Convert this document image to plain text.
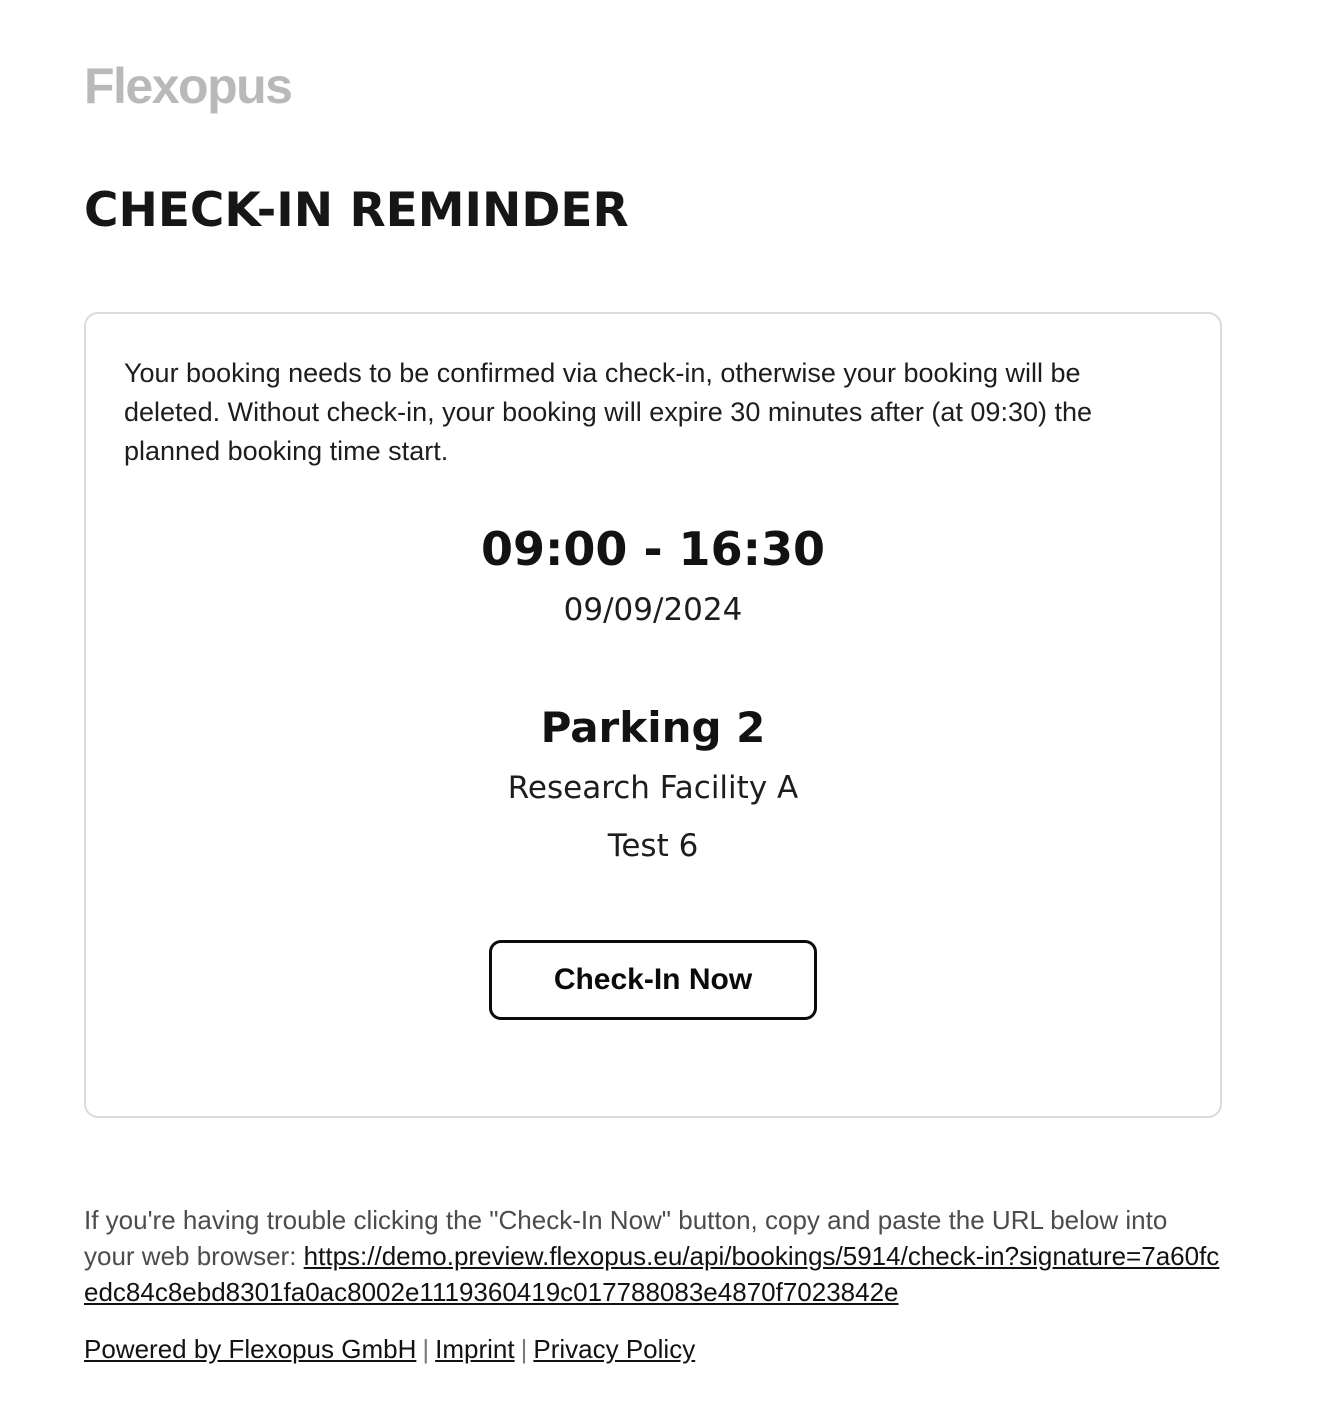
Flexopus
CHECK-IN REMINDER

Your booking needs to be confirmed via check-in, otherwise your booking will be deleted. Without check-in, your booking will expire 30 minutes after (at 09:30) the planned booking time start.

09:00 - 16:30
09/09/2024
Parking 2
Research Facility A
Test 6
Check-In Now

If you're having trouble clicking the "Check-In Now" button, copy and paste the URL below into your web browser: https://demo.preview.flexopus.eu/api/bookings/5914/check-in?signature=7a60fcedc84c8ebd8301fa0ac8002e1119360419c017788083e4870f7023842e

Powered by Flexopus GmbH | Imprint | Privacy Policy
